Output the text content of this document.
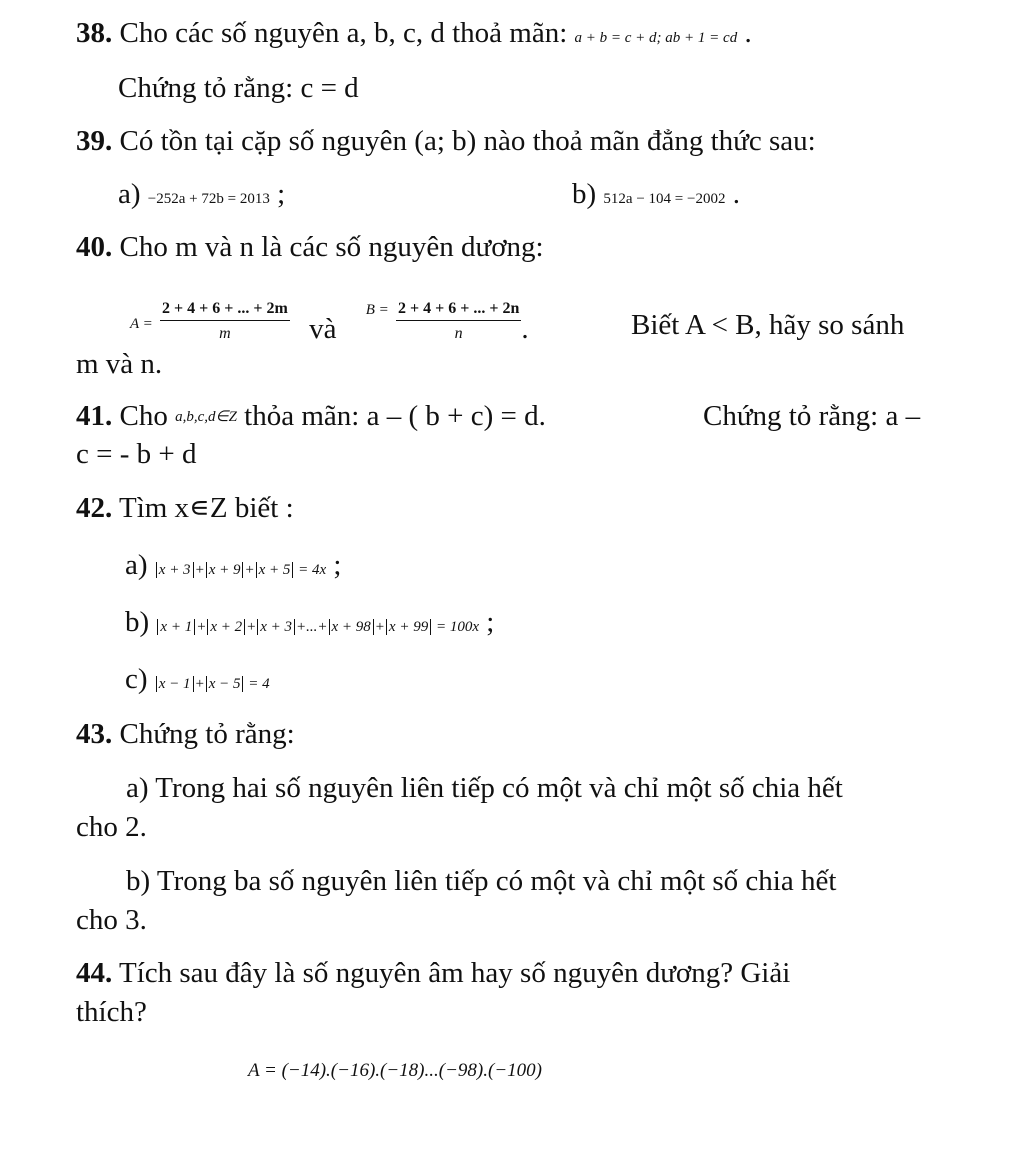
38. Cho các số nguyên a, b, c, d thoả mãn: a + b = c + d; ab + 1 = cd .
Chứng tỏ rằng: c = d
39. Có tồn tại cặp số nguyên (a; b) nào thoả mãn đẳng thức sau:
a) −252a + 72b = 2013 ;	b) 512a − 104 = −2002 .
40. Cho m và n là các số nguyên dương:
$A = \frac{2 + 4 + 6 + ... + 2m}{m}$ và $^{B =} \frac{2 + 4 + 6 + ... + 2n}{n}$ .	Biết A < B, hãy so sánh
m và n.
41. Cho a,b,c,d∈Z thỏa mãn: a – ( b + c) = d.	Chứng tỏ rằng: a –
c = - b + d
42. Tìm x∊Z biết :
a) x + 3 + x + 9 + x + 5 = 4x ;
b) x + 1 + x + 2 + x + 3 +...+ x + 98 + x + 99 = 100x ;
c) x − 1 + x − 5 = 4
43. Chứng tỏ rằng:
a) Trong hai số nguyên liên tiếp có một và chỉ một số chia hết
cho 2.
b) Trong ba số nguyên liên tiếp có một và chỉ một số chia hết
cho 3.
44. Tích sau đây là số nguyên âm hay số nguyên dương? Giải
thích?
A = (−14).(−16).(−18)...(−98).(−100)
